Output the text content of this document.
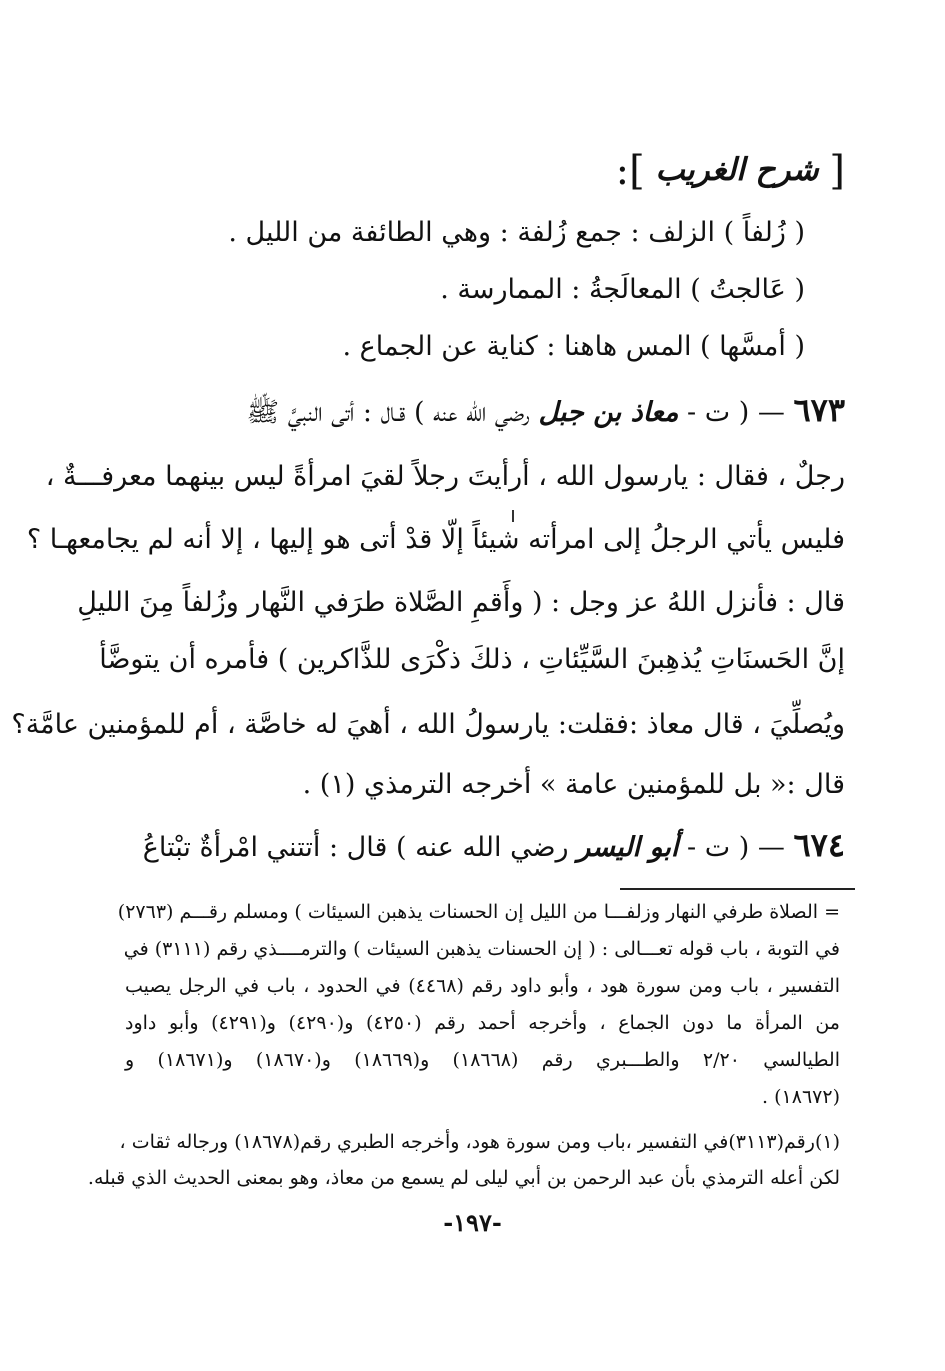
[ شرح الغريب ]:
( زُلفاً ) الزلف : جمع زُلفة : وهي الطائفة من الليل .
( عَالجتُ ) المعالَجةُ : الممارسة .
( أمسَّها ) المس هاهنا : كناية عن الجماع .
٦٧٣ — ( ت - معاذ بن جبل رضي الله عنه ) قـال : أتى النبيَّ ﷺ
رجلٌ ، فقال : يارسول الله ، أرأيتَ رجلاً لقيَ امرأةً ليس بينهما معرفـــةٌ ،
فليس يأتي الرجلُ إلى امرأته شيئاً إلّا قدْ أتى هو إليها ، إلا أنه لم يجامعهـا ؟
قال : فأنزل اللهُ عز وجل : ( وأَقمِ الصَّلاة طرَفي النَّهار وزُلفاً مِنَ الليلِ
إنَّ الحَسنَاتِ يُذهِبنَ السَّيِّئاتِ ، ذلكَ ذكْرَى للذَّاكرين ) فأمره أن يتوضَّأ
ويُصلِّيَ ، قال معاذ :فقلت: يارسولُ الله ، أهيَ له خاصَّة ، أم للمؤمنين عامَّة؟
قال :« بل للمؤمنين عامة » أخرجه الترمذي (١) .
٦٧٤ — ( ت - أبو اليسر رضي الله عنه ) قال : أتتني امْرأةٌ تبْتاعُ
= الصلاة طرفي النهار وزلفـــا من الليل إن الحسنات يذهبن السيئات ) ومسلم رقـــم (٢٧٦٣)
في التوبة ، باب قوله تعـــالى : ( إن الحسنات يذهبن السيئات ) والترمــــذي رقم (٣١١١) في
التفسير ، باب ومن سورة هود ، وأبو داود رقم (٤٤٦٨) في الحدود ، باب في الرجل يصيب
من المرأة ما دون الجماع ، وأخرجه أحمد رقم (٤٢٥٠) و(٤٢٩٠) و(٤٢٩١) وأبو داود
الطيالسي ٢/٢٠ والطـــبري رقم (١٨٦٦٨) و(١٨٦٦٩) و(١٨٦٧٠) و(١٨٦٧١) و
(١٨٦٧٢) .
(١)رقم(٣١١٣)في التفسير ،باب ومن سورة هود، وأخرجه الطبري رقم(١٨٦٧٨) ورجاله ثقات ،
لكن أعله الترمذي بأن عبد الرحمن بن أبي ليلى لم يسمع من معاذ، وهو بمعنى الحديث الذي قبله.
-١٩٧-
